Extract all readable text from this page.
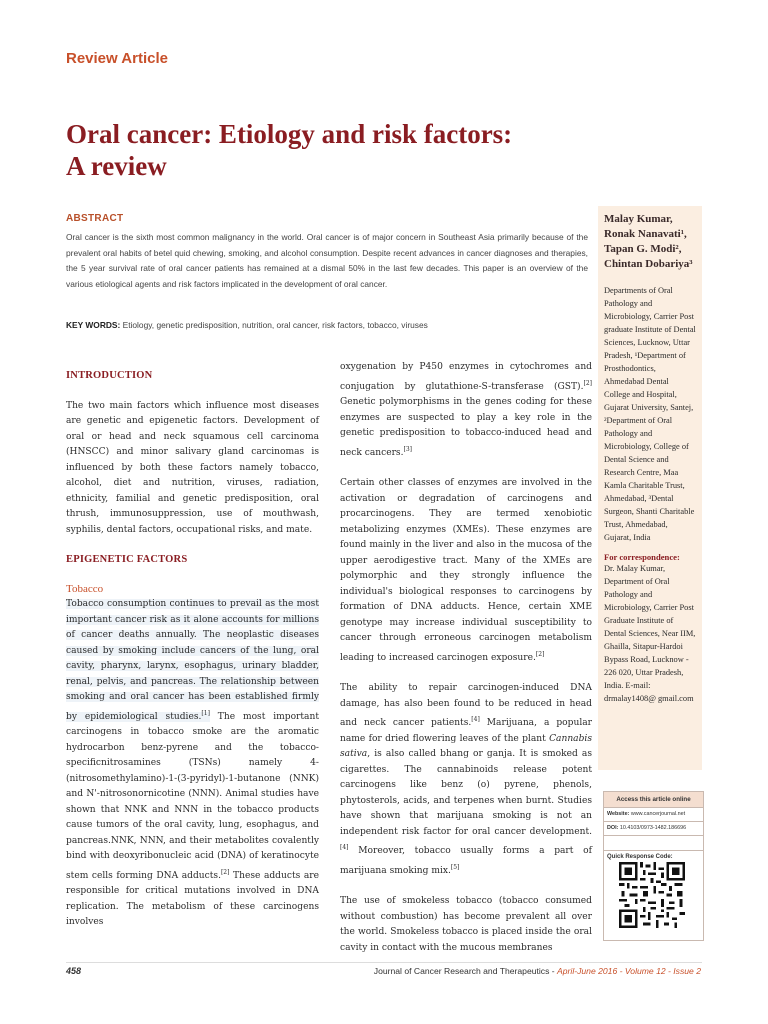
Review Article
Oral cancer: Etiology and risk factors:
A review
ABSTRACT
Oral cancer is the sixth most common malignancy in the world. Oral cancer is of major concern in Southeast Asia primarily because of the prevalent oral habits of betel quid chewing, smoking, and alcohol consumption. Despite recent advances in cancer diagnoses and therapies, the 5 year survival rate of oral cancer patients has remained at a dismal 50% in the last few decades. This paper is an overview of the various etiological agents and risk factors implicated in the development of oral cancer.
KEY WORDS: Etiology, genetic predisposition, nutrition, oral cancer, risk factors, tobacco, viruses
INTRODUCTION

The two main factors which influence most diseases are genetic and epigenetic factors. Development of oral or head and neck squamous cell carcinoma (HNSCC) and minor salivary gland carcinomas is influenced by both these factors namely tobacco, alcohol, diet and nutrition, viruses, radiation, ethnicity, familial and genetic predisposition, oral thrush, immunosuppression, use of mouthwash, syphilis, dental factors, occupational risks, and mate.

EPIGENETIC FACTORS
Tobacco

Tobacco consumption continues to prevail as the most important cancer risk as it alone accounts for millions of cancer deaths annually. The neoplastic diseases caused by smoking include cancers of the lung, oral cavity, pharynx, larynx, esophagus, urinary bladder, renal, pelvis, and pancreas. The relationship between smoking and oral cancer has been established firmly by epidemiological studies.[1] The most important carcinogens in tobacco smoke are the aromatic hydrocarbon benz-pyrene and the tobacco-specificnitrosamines (TSNs) namely 4-(nitrosomethylamino)-1-(3-pyridyl)-1-butanone (NNK) and N'-nitrosonornicotine (NNN). Animal studies have shown that NNK and NNN in the tobacco products cause tumors of the oral cavity, lung, esophagus, and pancreas.NNK, NNN, and their metabolites covalently bind with deoxyribonucleic acid (DNA) of keratinocyte stem cells forming DNA adducts.[2] These adducts are responsible for critical mutations involved in DNA replication. The metabolism of these carcinogens involves

oxygenation by P450 enzymes in cytochromes and conjugation by glutathione-S-transferase (GST).[2] Genetic polymorphisms in the genes coding for these enzymes are suspected to play a key role in the genetic predisposition to tobacco-induced head and neck cancers.[3]

Certain other classes of enzymes are involved in the activation or degradation of carcinogens and procarcinogens. They are termed xenobiotic metabolizing enzymes (XMEs). These enzymes are found mainly in the liver and also in the mucosa of the upper aerodigestive tract. Many of the XMEs are polymorphic and they strongly influence the individual's biological responses to carcinogens by formation of DNA adducts. Hence, certain XME genotype may increase individual susceptibility to cancer through erroneous carcinogen metabolism leading to increased carcinogen exposure.[2]

The ability to repair carcinogen-induced DNA damage, has also been found to be reduced in head and neck cancer patients.[4] Marijuana, a popular name for dried flowering leaves of the plant Cannabis sativa, is also called bhang or ganja. It is smoked as cigarettes. The cannabinoids release potent carcinogens like benz (o) pyrene, phenols, phytosterols, acids, and terpenes when burnt. Studies have shown that marijuana smoking is not an independent risk factor for oral cancer development.[4] Moreover, tobacco usually forms a part of marijuana smoking mix.[5]

The use of smokeless tobacco (tobacco consumed without combustion) has become prevalent all over the world. Smokeless tobacco is placed inside the oral cavity in contact with the mucous membranes

Malay Kumar,
Ronak Nanavati¹,
Tapan G. Modi²,
Chintan Dobariya³
Departments of Oral Pathology and Microbiology, Carrier Post graduate Institute of Dental Sciences, Lucknow, Uttar Pradesh, ¹Department of Prosthodontics, Ahmedabad Dental College and Hospital, Gujarat University, Santej, ²Department of Oral Pathology and Microbiology, College of Dental Science and Research Centre, Maa Kamla Charitable Trust, Ahmedabad, ³Dental Surgeon, Shanti Charitable Trust, Ahmedabad, Gujarat, India
For correspondence:
Dr. Malay Kumar, Department of Oral Pathology and Microbiology, Carrier Post Graduate Institute of Dental Sciences, Near IIM, Ghailla, Sitapur-Hardoi Bypass Road, Lucknow - 226 020, Uttar Pradesh, India. E-mail: drmalay1408@ gmail.com
Access this article online
Website: www.cancerjournal.net
DOI: 10.4103/0973-1482.186696
Quick Response Code:
458	Journal of Cancer Research and Therapeutics - April-June 2016 - Volume 12 - Issue 2
